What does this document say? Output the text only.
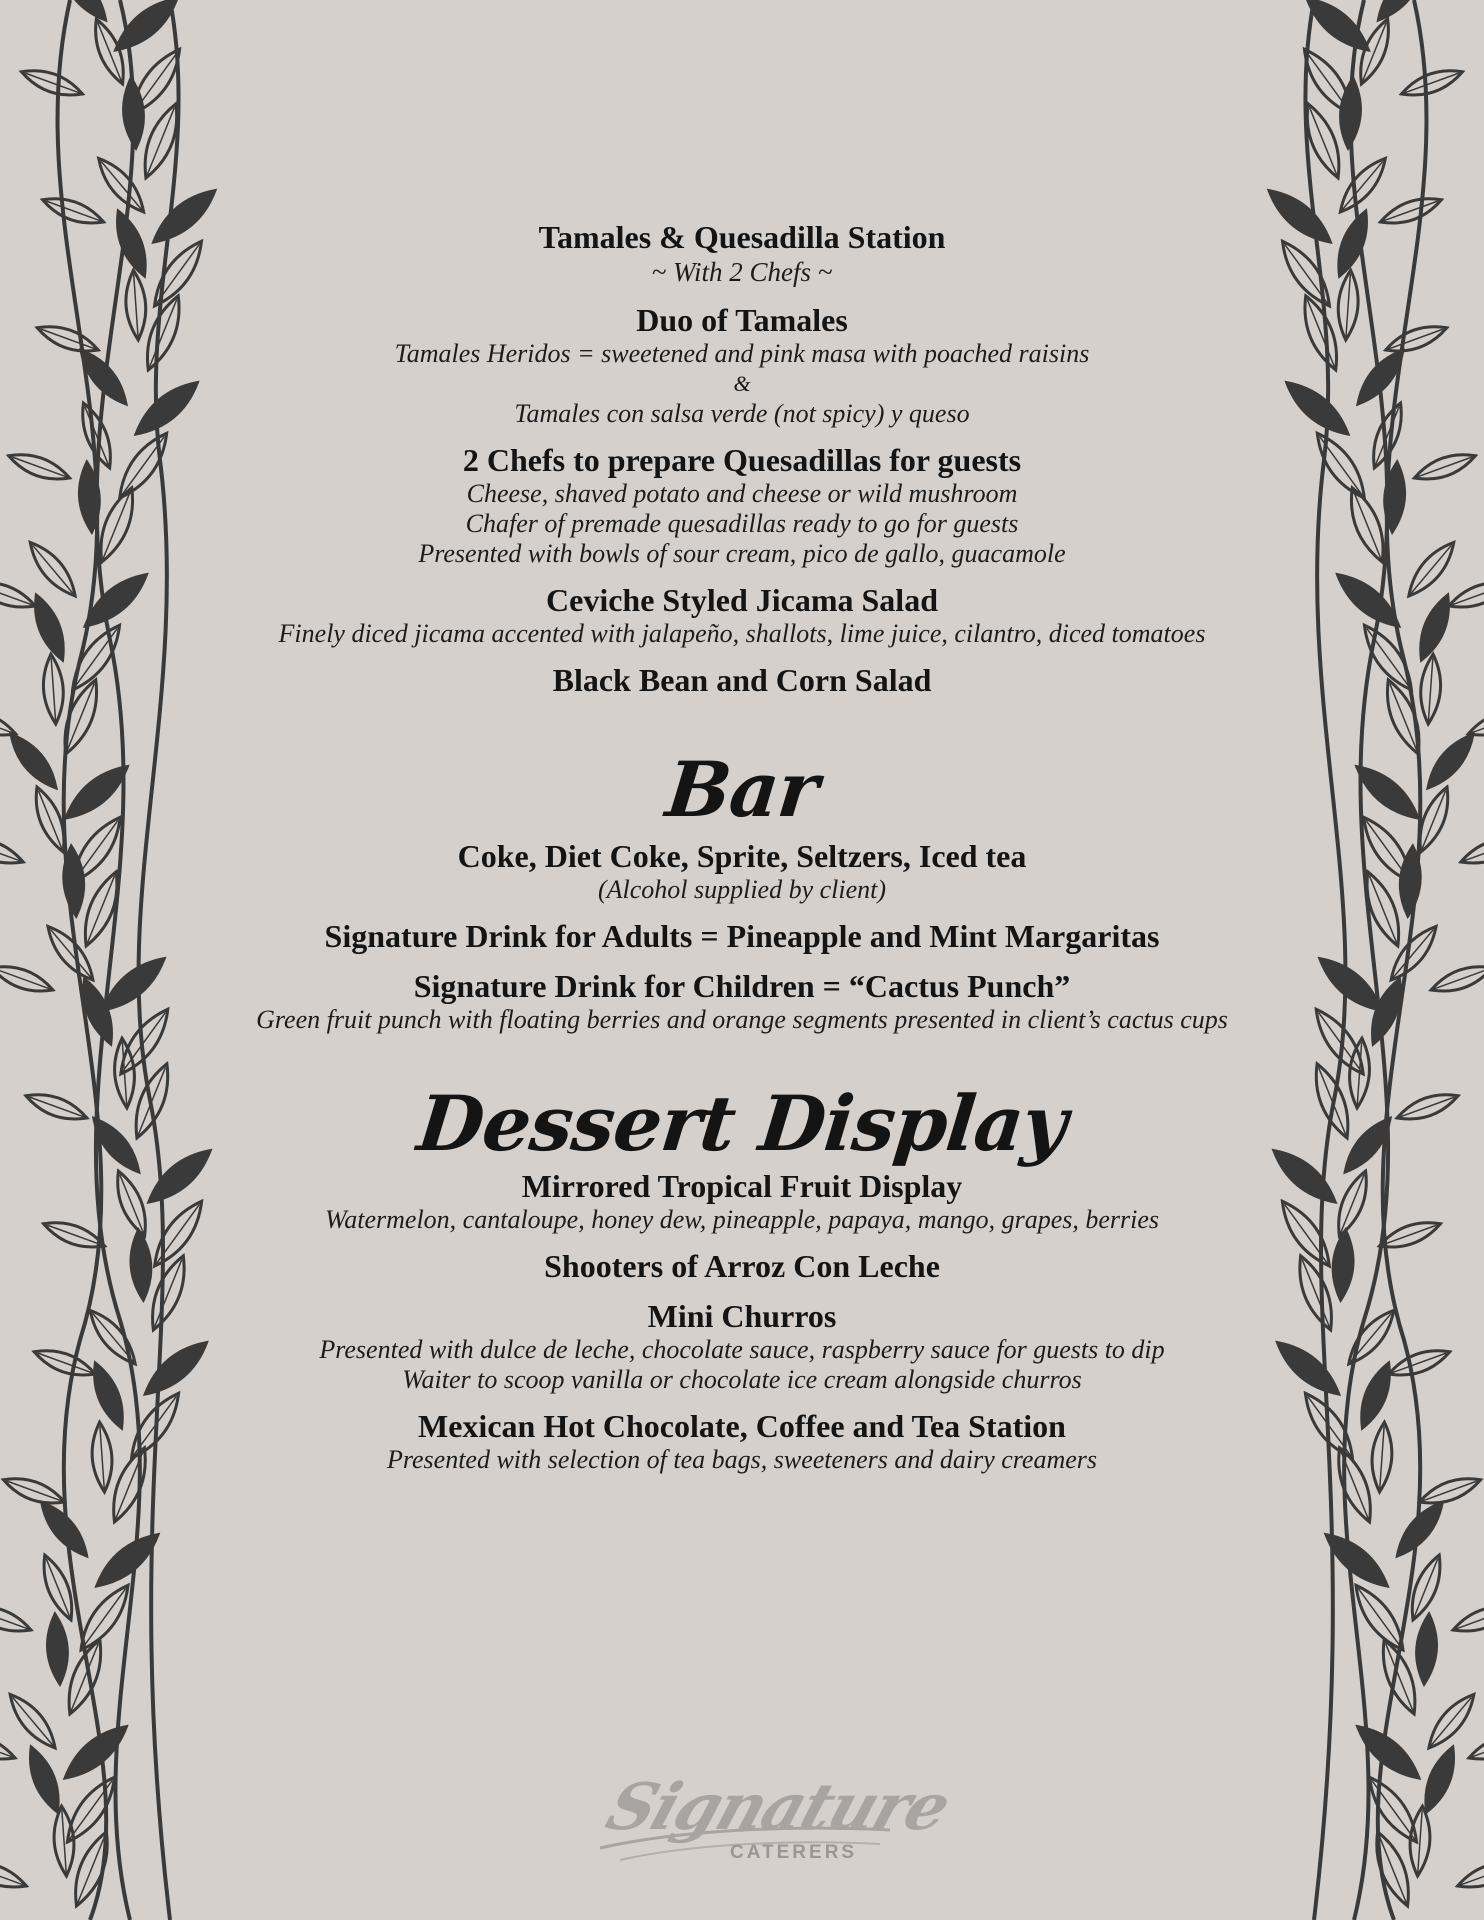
Tamales & Quesadilla Station
~ With 2 Chefs ~
Duo of Tamales
Tamales Heridos = sweetened and pink masa with poached raisins
&
Tamales con salsa verde (not spicy) y queso
2 Chefs to prepare Quesadillas for guests
Cheese, shaved potato and cheese or wild mushroom
Chafer of premade quesadillas ready to go for guests
Presented with bowls of sour cream, pico de gallo, guacamole
Ceviche Styled Jicama Salad
Finely diced jicama accented with jalapeño, shallots, lime juice, cilantro, diced tomatoes
Black Bean and Corn Salad
Bar
Coke, Diet Coke, Sprite, Seltzers, Iced tea
(Alcohol supplied by client)
Signature Drink for Adults = Pineapple and Mint Margaritas
Signature Drink for Children = “Cactus Punch”
Green fruit punch with floating berries and orange segments presented in client’s cactus cups
Dessert Display
Mirrored Tropical Fruit Display
Watermelon, cantaloupe, honey dew, pineapple, papaya, mango, grapes, berries
Shooters of Arroz Con Leche
Mini Churros
Presented with dulce de leche, chocolate sauce, raspberry sauce for guests to dip
Waiter to scoop vanilla or chocolate ice cream alongside churros
Mexican Hot Chocolate, Coffee and Tea Station
Presented with selection of tea bags, sweeteners and dairy creamers
Signature
CATERERS
